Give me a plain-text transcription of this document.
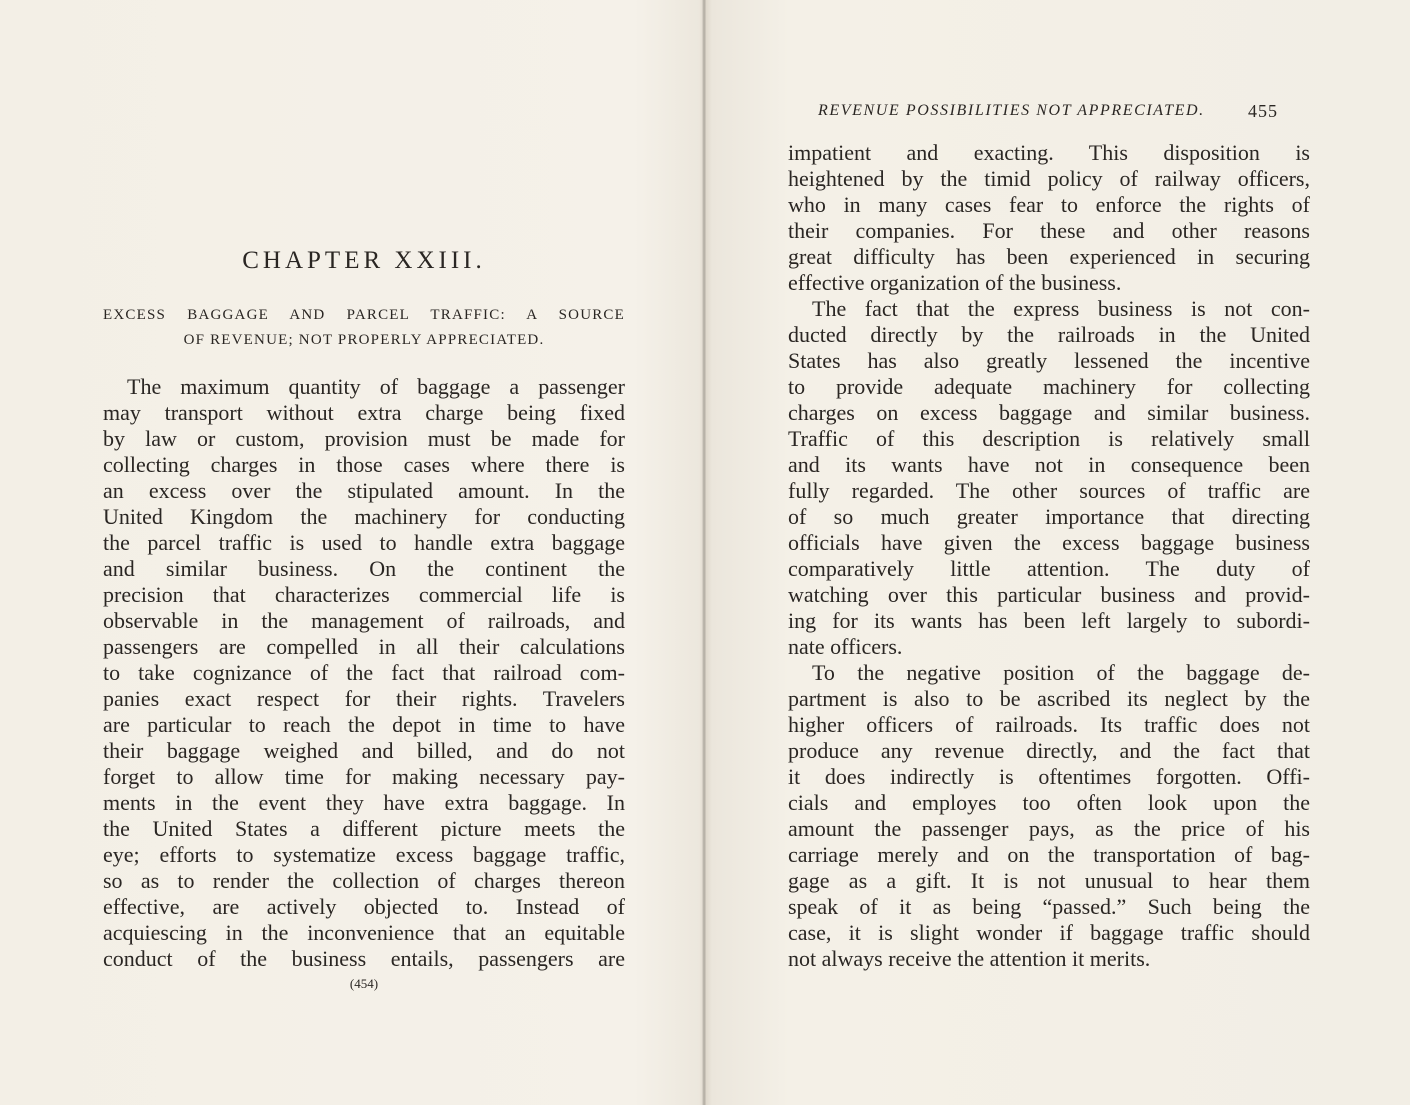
CHAPTER XXIII.
EXCESS BAGGAGE AND PARCEL TRAFFIC: A SOURCE
OF REVENUE; NOT PROPERLY APPRECIATED.
The maximum quantity of baggage a passenger
may transport without extra charge being fixed
by law or custom, provision must be made for
collecting charges in those cases where there is
an excess over the stipulated amount. In the
United Kingdom the machinery for conducting
the parcel traffic is used to handle extra baggage
and similar business. On the continent the
precision that characterizes commercial life is
observable in the management of railroads, and
passengers are compelled in all their calculations
to take cognizance of the fact that railroad com-
panies exact respect for their rights. Travelers
are particular to reach the depot in time to have
their baggage weighed and billed, and do not
forget to allow time for making necessary pay-
ments in the event they have extra baggage. In
the United States a different picture meets the
eye; efforts to systematize excess baggage traffic,
so as to render the collection of charges thereon
effective, are actively objected to. Instead of
acquiescing in the inconvenience that an equitable
conduct of the business entails, passengers are
(454)
REVENUE POSSIBILITIES NOT APPRECIATED. 455
impatient and exacting. This disposition is
heightened by the timid policy of railway officers,
who in many cases fear to enforce the rights of
their companies. For these and other reasons
great difficulty has been experienced in securing
effective organization of the business.
The fact that the express business is not con-
ducted directly by the railroads in the United
States has also greatly lessened the incentive
to provide adequate machinery for collecting
charges on excess baggage and similar business.
Traffic of this description is relatively small
and its wants have not in consequence been
fully regarded. The other sources of traffic are
of so much greater importance that directing
officials have given the excess baggage business
comparatively little attention. The duty of
watching over this particular business and provid-
ing for its wants has been left largely to subordi-
nate officers.
To the negative position of the baggage de-
partment is also to be ascribed its neglect by the
higher officers of railroads. Its traffic does not
produce any revenue directly, and the fact that
it does indirectly is oftentimes forgotten. Offi-
cials and employes too often look upon the
amount the passenger pays, as the price of his
carriage merely and on the transportation of bag-
gage as a gift. It is not unusual to hear them
speak of it as being “passed.” Such being the
case, it is slight wonder if baggage traffic should
not always receive the attention it merits.
